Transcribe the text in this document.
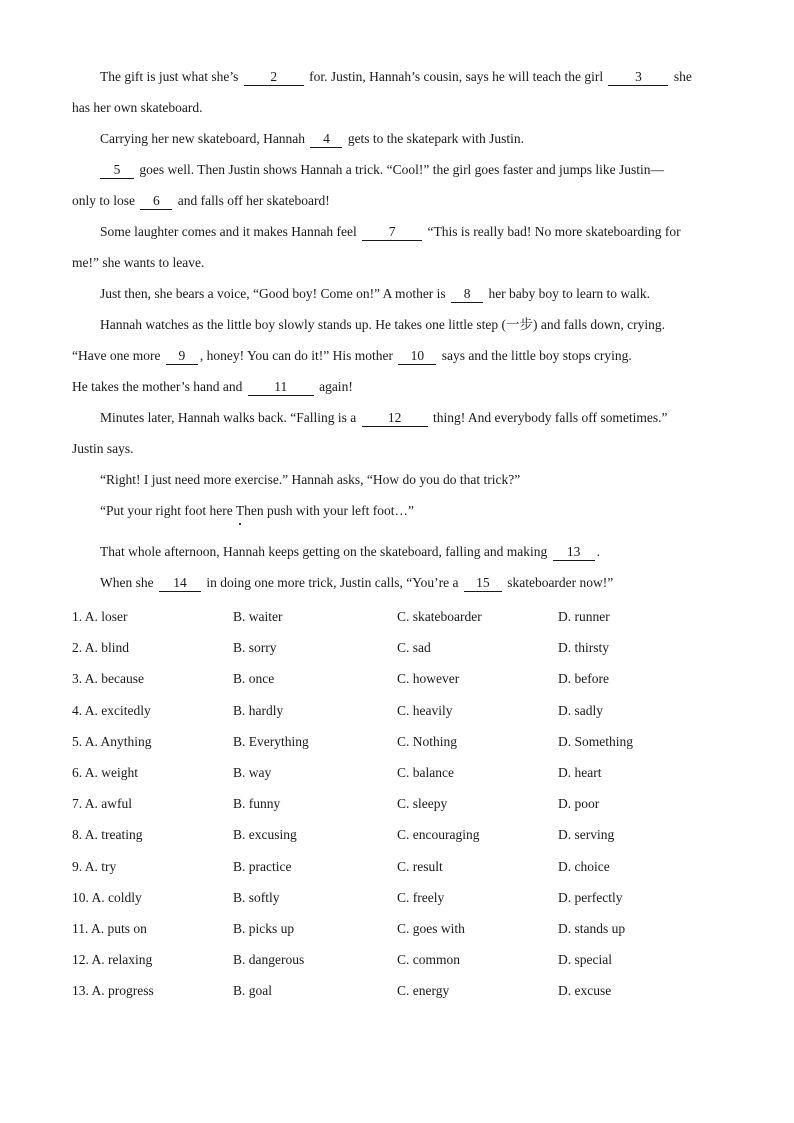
The gift is just what she’s 2 for. Justin, Hannah’s cousin, says he will teach the girl 3 she
has her own skateboard.
Carrying her new skateboard, Hannah 4 gets to the skatepark with Justin.
5 goes well. Then Justin shows Hannah a trick. “Cool!” the girl goes faster and jumps like Justin—
only to lose 6 and falls off her skateboard!
Some laughter comes and it makes Hannah feel 7 “This is really bad! No more skateboarding for
me!” she wants to leave.
Just then, she bears a voice, “Good boy! Come on!” A mother is 8 her baby boy to learn to walk.
Hannah watches as the little boy slowly stands up. He takes one little step (一步) and falls down, crying.
“Have one more 9 , honey! You can do it!” His mother 10 says and the little boy stops crying.
He takes the mother’s hand and 11 again!
Minutes later, Hannah walks back. “Falling is a 12 thing! And everybody falls off sometimes.”
Justin says.
“Right! I just need more exercise.” Hannah asks, “How do you do that trick?”
“Put your right foot here Then push with your left foot…”
That whole afternoon, Hannah keeps getting on the skateboard, falling and making 13 .
When she 14 in doing one more trick, Justin calls, “You’re a 15 skateboarder now!”
1. A. loser	B. waiter	C. skateboarder	D. runner
2. A. blind	B. sorry	C. sad	D. thirsty
3. A. because	B. once	C. however	D. before
4. A. excitedly	B. hardly	C. heavily	D. sadly
5. A. Anything	B. Everything	C. Nothing	D. Something
6. A. weight	B. way	C. balance	D. heart
7. A. awful	B. funny	C. sleepy	D. poor
8. A. treating	B. excusing	C. encouraging	D. serving
9. A. try	B. practice	C. result	D. choice
10. A. coldly	B. softly	C. freely	D. perfectly
11. A. puts on	B. picks up	C. goes with	D. stands up
12. A. relaxing	B. dangerous	C. common	D. special
13. A. progress	B. goal	C. energy	D. excuse
